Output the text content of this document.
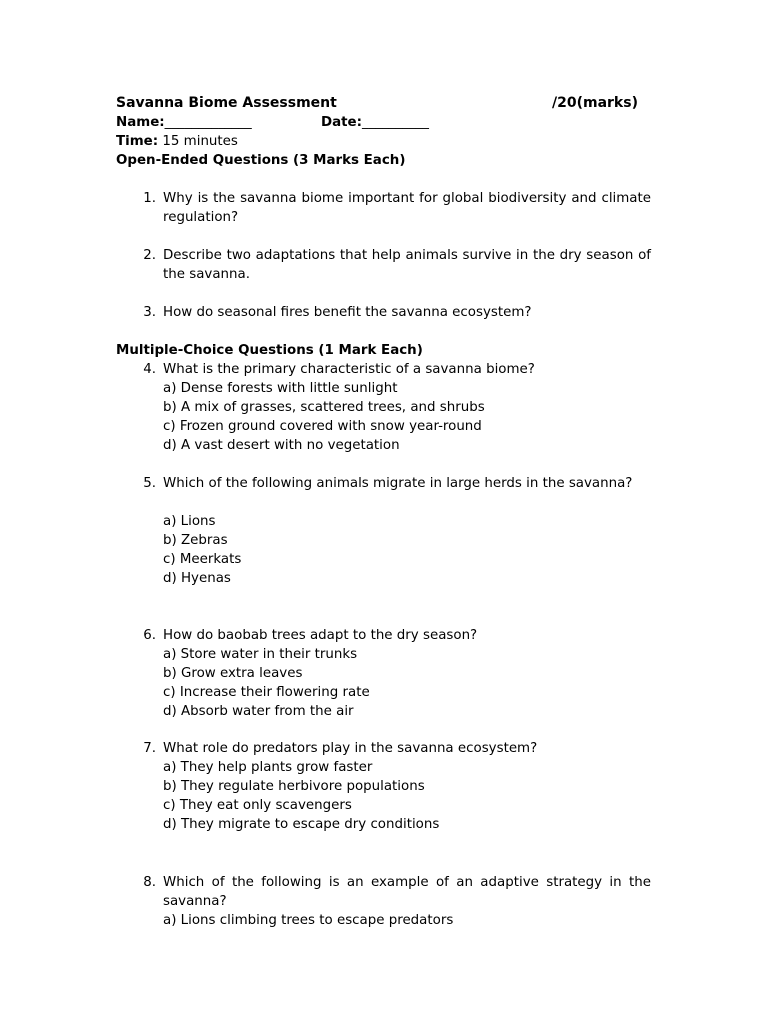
Savanna Biome Assessment	/20(marks)
Name:_____________	Date:__________
Time: 15 minutes
Open-Ended Questions (3 Marks Each)
1. Why is the savanna biome important for global biodiversity and climate regulation?
2. Describe two adaptations that help animals survive in the dry season of the savanna.
3. How do seasonal fires benefit the savanna ecosystem?
Multiple-Choice Questions (1 Mark Each)
4. What is the primary characteristic of a savanna biome?
a) Dense forests with little sunlight
b) A mix of grasses, scattered trees, and shrubs
c) Frozen ground covered with snow year-round
d) A vast desert with no vegetation
5. Which of the following animals migrate in large herds in the savanna?
a) Lions
b) Zebras
c) Meerkats
d) Hyenas
6. How do baobab trees adapt to the dry season?
a) Store water in their trunks
b) Grow extra leaves
c) Increase their flowering rate
d) Absorb water from the air
7. What role do predators play in the savanna ecosystem?
a) They help plants grow faster
b) They regulate herbivore populations
c) They eat only scavengers
d) They migrate to escape dry conditions
8. Which of the following is an example of an adaptive strategy in the savanna?
a) Lions climbing trees to escape predators
